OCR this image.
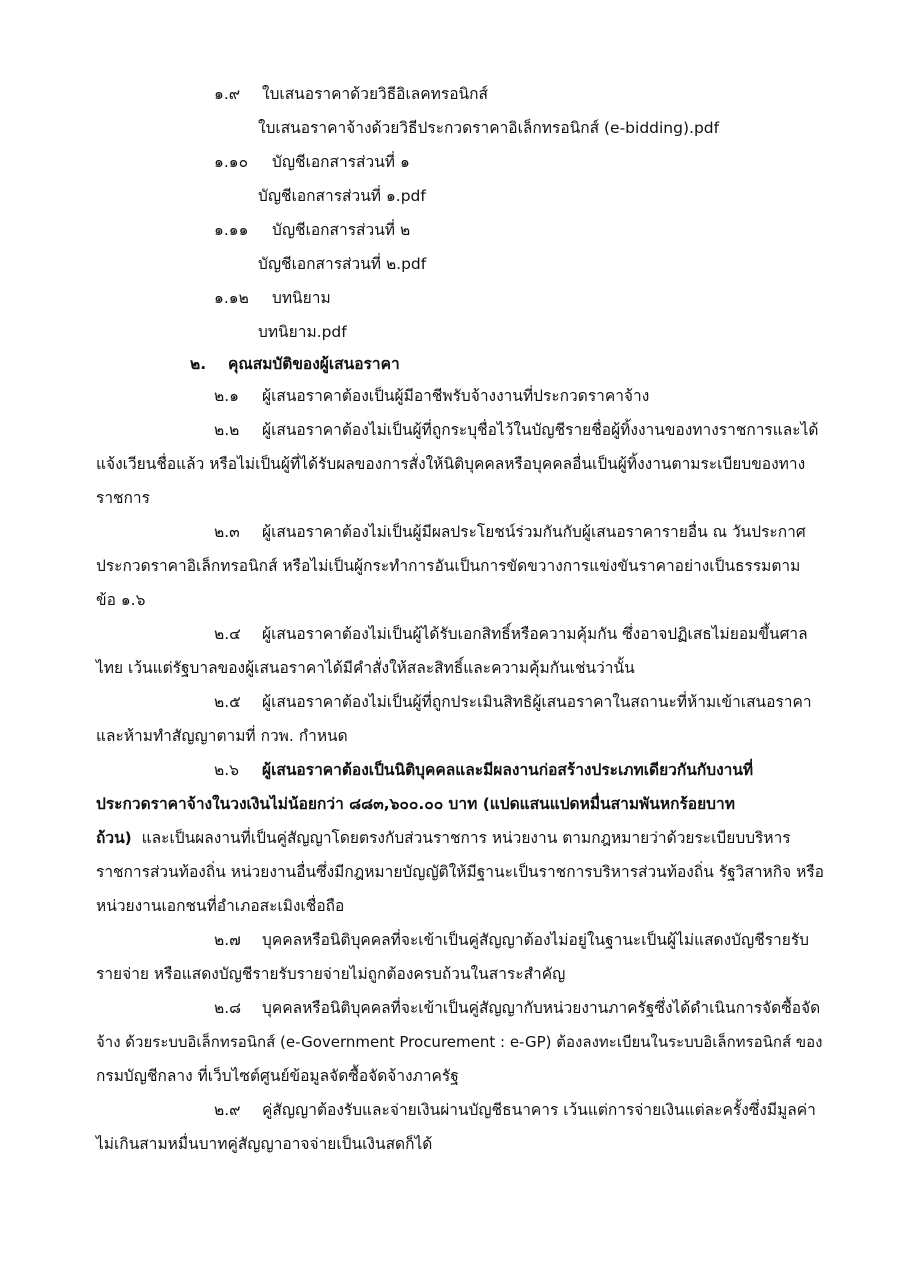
๑.๙ ใบเสนอราคาด้วยวิธีอิเลคทรอนิกส์
ใบเสนอราคาจ้างด้วยวิธีประกวดราคาอิเล็กทรอนิกส์ (e-bidding).pdf
๑.๑๐ บัญชีเอกสารส่วนที่ ๑
บัญชีเอกสารส่วนที่ ๑.pdf
๑.๑๑ บัญชีเอกสารส่วนที่ ๒
บัญชีเอกสารส่วนที่ ๒.pdf
๑.๑๒ บทนิยาม
บทนิยาม.pdf
๒. คุณสมบัติของผู้เสนอราคา
๒.๑ ผู้เสนอราคาต้องเป็นผู้มีอาชีพรับจ้างงานที่ประกวดราคาจ้าง
๒.๒ ผู้เสนอราคาต้องไม่เป็นผู้ที่ถูกระบุชื่อไว้ในบัญชีรายชื่อผู้ทิ้งงานของทางราชการและได้
แจ้งเวียนชื่อแล้ว หรือไม่เป็นผู้ที่ได้รับผลของการสั่งให้นิติบุคคลหรือบุคคลอื่นเป็นผู้ทิ้งงานตามระเบียบของทาง
ราชการ
๒.๓ ผู้เสนอราคาต้องไม่เป็นผู้มีผลประโยชน์ร่วมกันกับผู้เสนอราคารายอื่น ณ วันประกาศ
ประกวดราคาอิเล็กทรอนิกส์ หรือไม่เป็นผู้กระทำการอันเป็นการขัดขวางการแข่งขันราคาอย่างเป็นธรรมตาม
ข้อ ๑.๖
๒.๔ ผู้เสนอราคาต้องไม่เป็นผู้ได้รับเอกสิทธิ์หรือความคุ้มกัน ซึ่งอาจปฏิเสธไม่ยอมขึ้นศาล
ไทย เว้นแต่รัฐบาลของผู้เสนอราคาได้มีคำสั่งให้สละสิทธิ์และความคุ้มกันเช่นว่านั้น
๒.๕ ผู้เสนอราคาต้องไม่เป็นผู้ที่ถูกประเมินสิทธิผู้เสนอราคาในสถานะที่ห้ามเข้าเสนอราคา
และห้ามทำสัญญาตามที่ กวพ. กำหนด
๒.๖ ผู้เสนอราคาต้องเป็นนิติบุคคลและมีผลงานก่อสร้างประเภทเดียวกันกับงานที่
ประกวดราคาจ้างในวงเงินไม่น้อยกว่า ๘๘๓,๖๐๐.๐๐ บาท (แปดแสนแปดหมื่นสามพันหกร้อยบาท
ถ้วน) และเป็นผลงานที่เป็นคู่สัญญาโดยตรงกับส่วนราชการ หน่วยงาน ตามกฎหมายว่าด้วยระเบียบบริหาร
ราชการส่วนท้องถิ่น หน่วยงานอื่นซึ่งมีกฎหมายบัญญัติให้มีฐานะเป็นราชการบริหารส่วนท้องถิ่น รัฐวิสาหกิจ หรือ
หน่วยงานเอกชนที่อำเภอสะเมิงเชื่อถือ
๒.๗ บุคคลหรือนิติบุคคลที่จะเข้าเป็นคู่สัญญาต้องไม่อยู่ในฐานะเป็นผู้ไม่แสดงบัญชีรายรับ
รายจ่าย หรือแสดงบัญชีรายรับรายจ่ายไม่ถูกต้องครบถ้วนในสาระสำคัญ
๒.๘ บุคคลหรือนิติบุคคลที่จะเข้าเป็นคู่สัญญากับหน่วยงานภาครัฐซึ่งได้ดำเนินการจัดซื้อจัด
จ้าง ด้วยระบบอิเล็กทรอนิกส์ (e-Government Procurement : e-GP) ต้องลงทะเบียนในระบบอิเล็กทรอนิกส์ ของ
กรมบัญชีกลาง ที่เว็บไซต์ศูนย์ข้อมูลจัดซื้อจัดจ้างภาครัฐ
๒.๙ คู่สัญญาต้องรับและจ่ายเงินผ่านบัญชีธนาคาร เว้นแต่การจ่ายเงินแต่ละครั้งซึ่งมีมูลค่า
ไม่เกินสามหมื่นบาทคู่สัญญาอาจจ่ายเป็นเงินสดก็ได้
